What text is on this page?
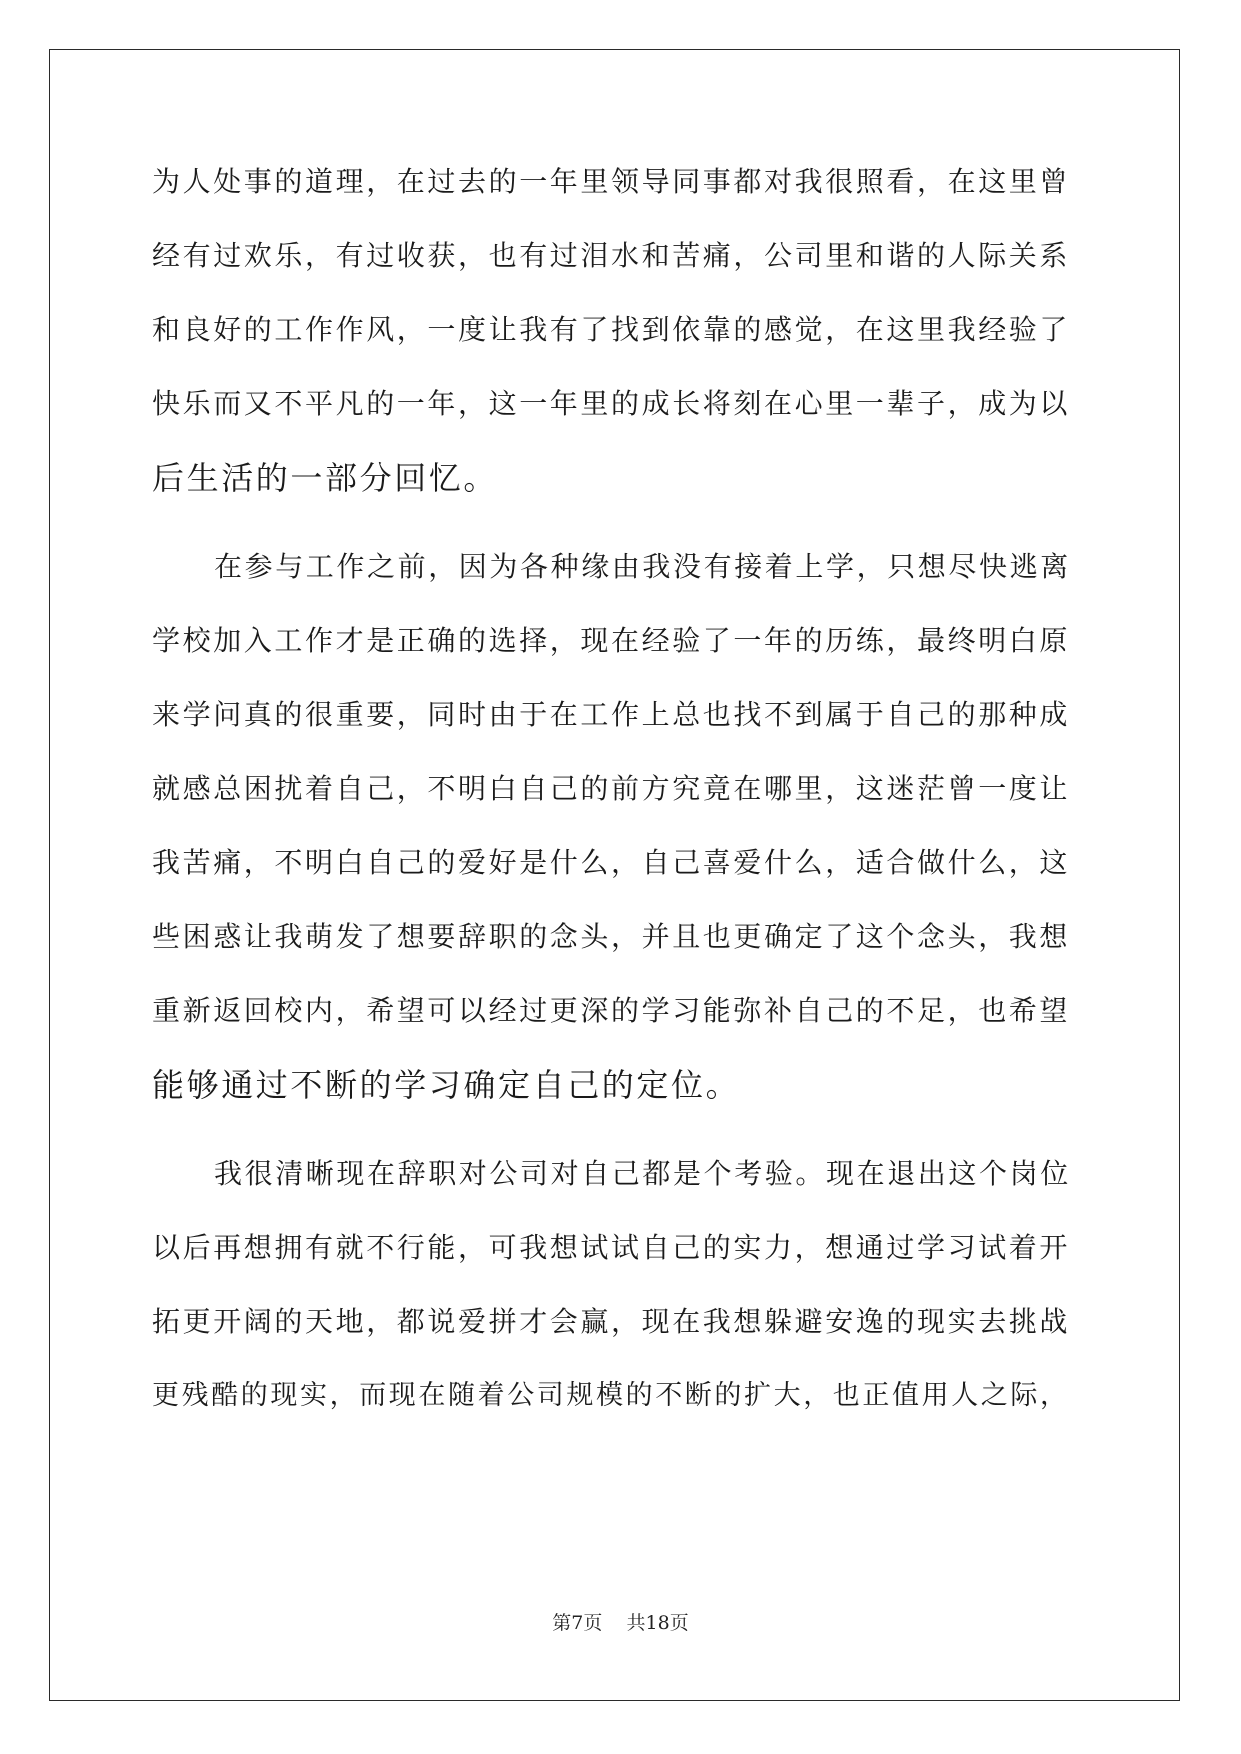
为人处事的道理，在过去的一年里领导同事都对我很照看，在这里曾
经有过欢乐，有过收获，也有过泪水和苦痛，公司里和谐的人际关系
和良好的工作作风，一度让我有了找到依靠的感觉，在这里我经验了
快乐而又不平凡的一年，这一年里的成长将刻在心里一辈子，成为以
后生活的一部分回忆。
在参与工作之前，因为各种缘由我没有接着上学，只想尽快逃离
学校加入工作才是正确的选择，现在经验了一年的历练，最终明白原
来学问真的很重要，同时由于在工作上总也找不到属于自己的那种成
就感总困扰着自己，不明白自己的前方究竟在哪里，这迷茫曾一度让
我苦痛，不明白自己的爱好是什么，自己喜爱什么，适合做什么，这
些困惑让我萌发了想要辞职的念头，并且也更确定了这个念头，我想
重新返回校内，希望可以经过更深的学习能弥补自己的不足，也希望
能够通过不断的学习确定自己的定位。
我很清晰现在辞职对公司对自己都是个考验。现在退出这个岗位
以后再想拥有就不行能，可我想试试自己的实力，想通过学习试着开
拓更开阔的天地，都说爱拼才会赢，现在我想躲避安逸的现实去挑战
更残酷的现实，而现在随着公司规模的不断的扩大，也正值用人之际，
第7页    共18页
